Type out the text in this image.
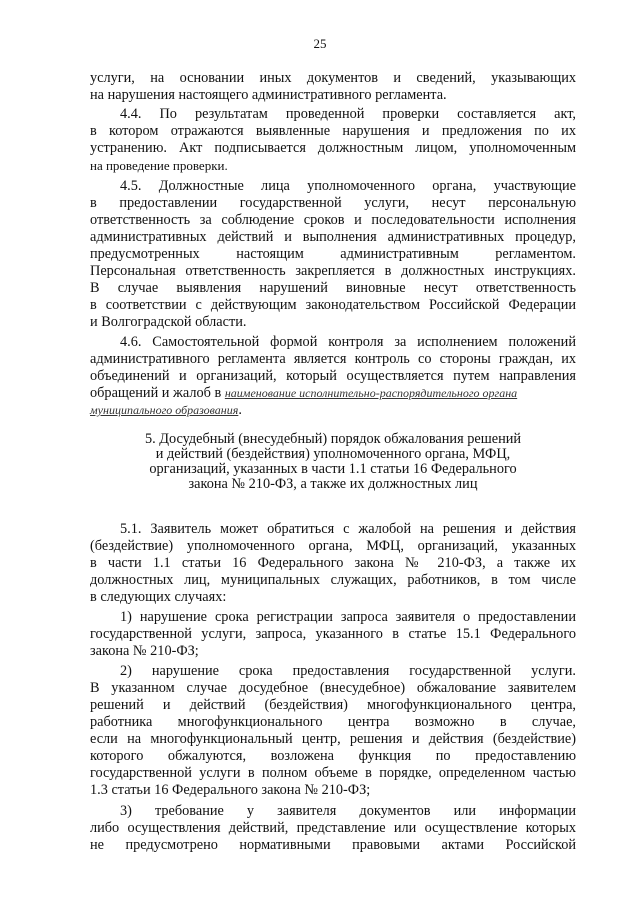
25
услуги, на основании иных документов и сведений, указывающих
на нарушения настоящего административного регламента.
4.4. По результатам проведенной проверки составляется акт,
в котором отражаются выявленные нарушения и предложения по их
устранению. Акт подписывается должностным лицом, уполномоченным
на проведение проверки.
4.5. Должностные лица уполномоченного органа, участвующие
в предоставлении государственной услуги, несут персональную
ответственность за соблюдение сроков и последовательности исполнения
административных действий и выполнения административных процедур,
предусмотренных настоящим административным регламентом.
Персональная ответственность закрепляется в должностных инструкциях.
В случае выявления нарушений виновные несут ответственность
в соответствии с действующим законодательством Российской Федерации
и Волгоградской области.
4.6. Самостоятельной формой контроля за исполнением положений
административного регламента является контроль со стороны граждан, их
объединений и организаций, который осуществляется путем направления
обращений и жалоб в наименование исполнительно-распорядительного органа
муниципального образования.
5. Досудебный (внесудебный) порядок обжалования решений
и действий (бездействия) уполномоченного органа, МФЦ,
организаций, указанных в части 1.1 статьи 16 Федерального
закона № 210-ФЗ, а также их должностных лиц
5.1. Заявитель может обратиться с жалобой на решения и действия
(бездействие) уполномоченного органа, МФЦ, организаций, указанных
в части 1.1 статьи 16 Федерального закона № 210-ФЗ, а также их
должностных лиц, муниципальных служащих, работников, в том числе
в следующих случаях:
1) нарушение срока регистрации запроса заявителя о предоставлении
государственной услуги, запроса, указанного в статье 15.1 Федерального
закона № 210-ФЗ;
2) нарушение срока предоставления государственной услуги.
В указанном случае досудебное (внесудебное) обжалование заявителем
решений и действий (бездействия) многофункционального центра,
работника многофункционального центра возможно в случае,
если на многофункциональный центр, решения и действия (бездействие)
которого обжалуются, возложена функция по предоставлению
государственной услуги в полном объеме в порядке, определенном частью
1.3 статьи 16 Федерального закона № 210-ФЗ;
3) требование у заявителя документов или информации
либо осуществления действий, представление или осуществление которых
не предусмотрено нормативными правовыми актами Российской
